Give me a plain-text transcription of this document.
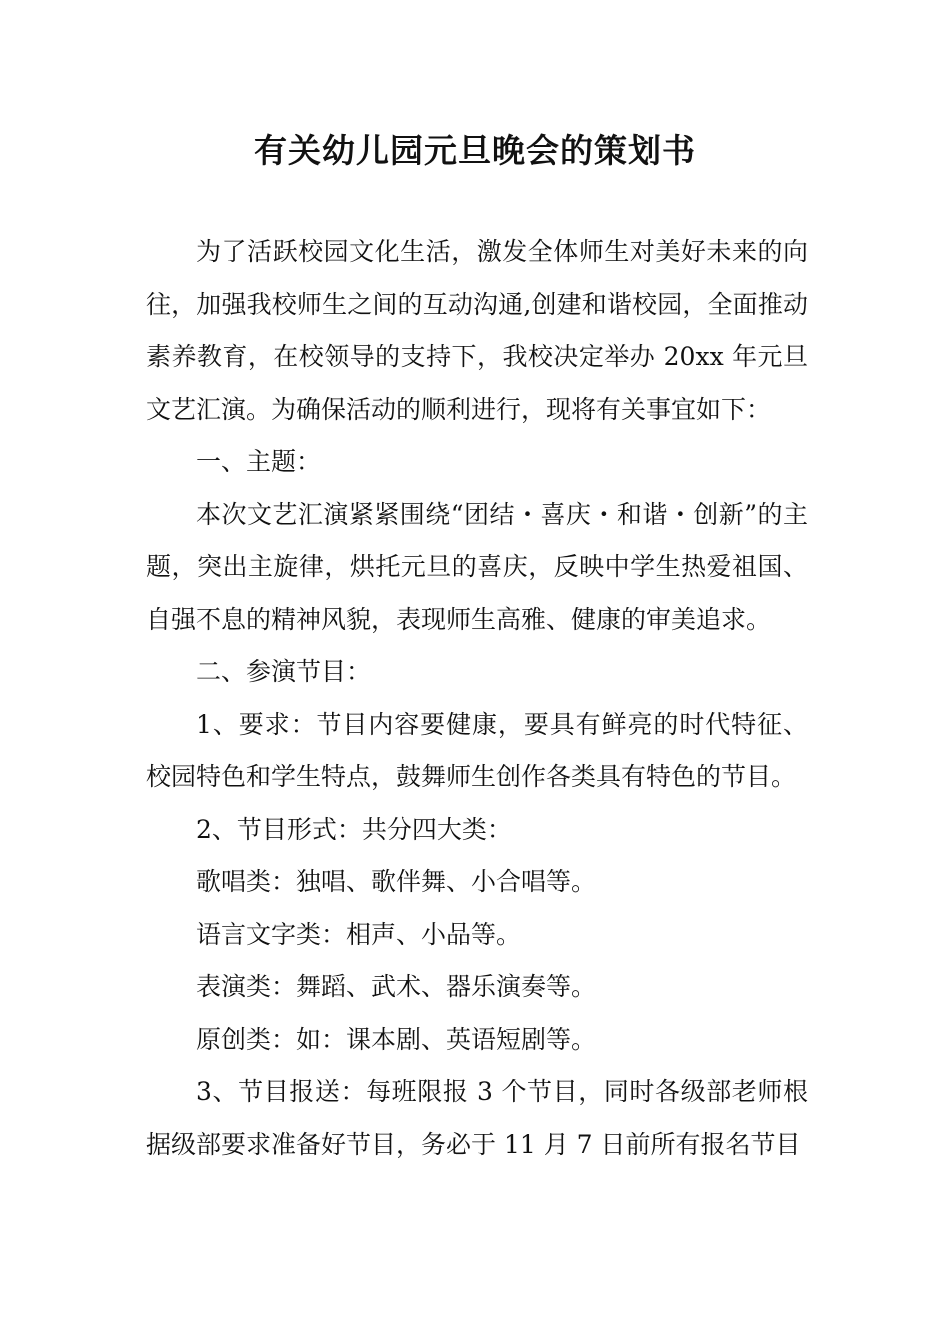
有关幼儿园元旦晚会的策划书

为了活跃校园文化生活，激发全体师生对美好未来的向往，加强我校师生之间的互动沟通,创建和谐校园，全面推动素养教育，在校领导的支持下，我校决定举办 20xx 年元旦文艺汇演。为确保活动的顺利进行，现将有关事宜如下：

一、主题：

本次文艺汇演紧紧围绕“团结・喜庆・和谐・创新”的主题，突出主旋律，烘托元旦的喜庆，反映中学生热爱祖国、自强不息的精神风貌，表现师生高雅、健康的审美追求。

二、参演节目：

1、要求：节目内容要健康，要具有鲜亮的时代特征、校园特色和学生特点，鼓舞师生创作各类具有特色的节目。

2、节目形式：共分四大类：

歌唱类：独唱、歌伴舞、小合唱等。

语言文字类：相声、小品等。

表演类：舞蹈、武术、器乐演奏等。

原创类：如：课本剧、英语短剧等。

3、节目报送：每班限报 3 个节目，同时各级部老师根据级部要求准备好节目，务必于 11 月 7 日前所有报名节目
